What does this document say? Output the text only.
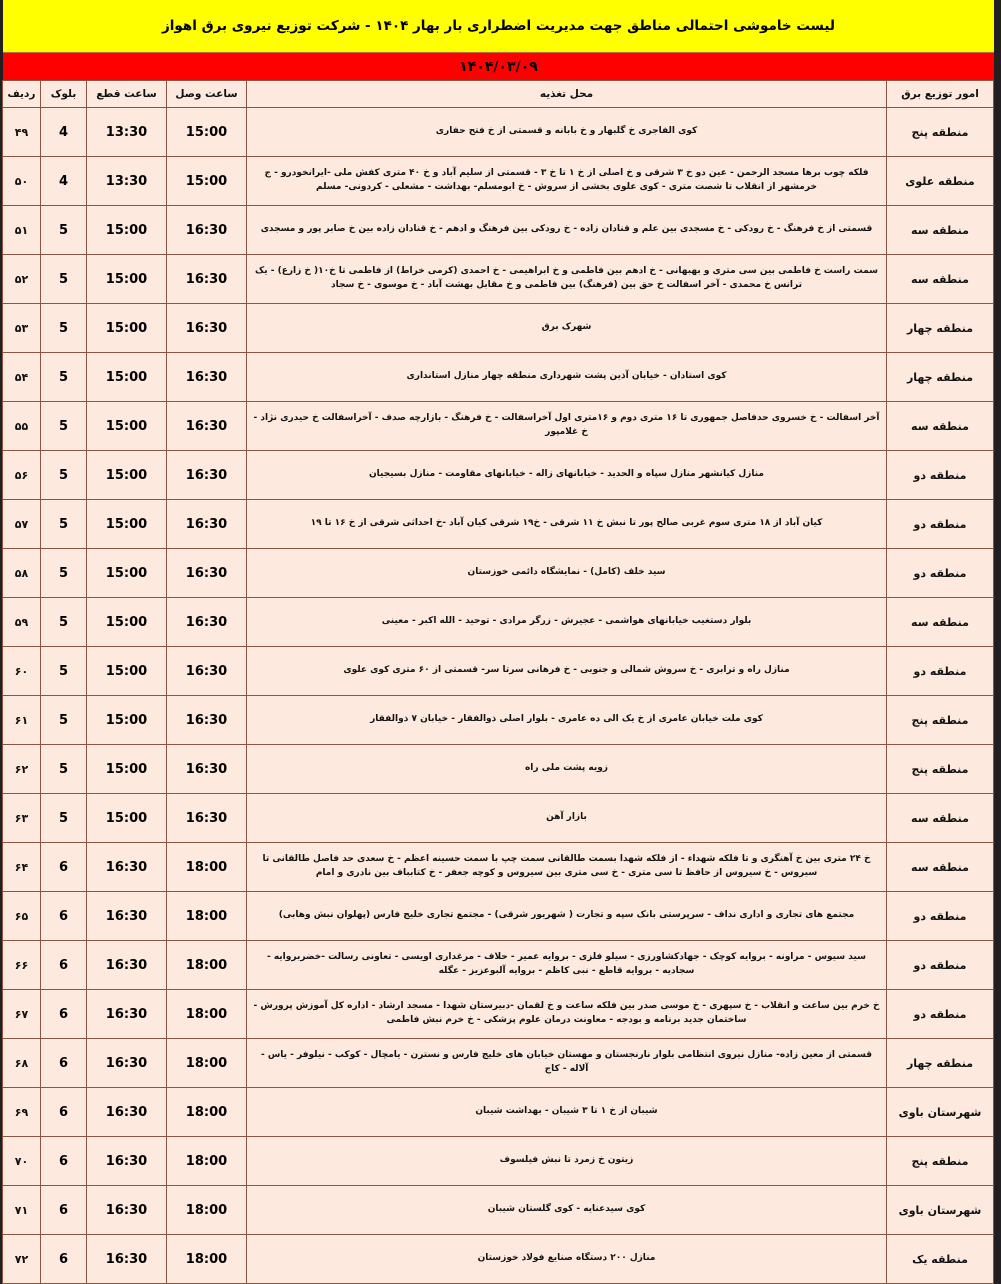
لیست خاموشی احتمالی مناطق جهت مدیریت اضطراری بار بهار ۱۴۰۴ - شرکت توزیع نیروی برق اهواز
۱۴۰۴/۰۳/۰۹
امور توزیع برق	محل تغذیه	ساعت وصل	ساعت قطع	بلوک	ردیف
منطقه پنج	کوی الفاجری خ گلبهار و خ بابانه و قسمتی از خ فتح حفاری	15:00	13:30	4	۴۹
منطقه علوی	فلکه چوب برها مسجد الرحمن - عین دو خ ۳ شرقی و خ اصلی از خ ۱ تا خ ۳ - قسمتی از سلیم آباد و خ ۴۰ متری کفش ملی -ایرانخودرو - ج خرمشهر از انقلاب تا شصت متری - کوی علوی بخشی از سروش - خ ابومسلم- بهداشت - مشعلی - کردونی- مسلم	15:00	13:30	4	۵۰
منطقه سه	قسمتی از خ فرهنگ - خ رودکی - خ مسجدی بین علم و قنادان زاده - خ رودکی بین فرهنگ و ادهم - خ قنادان زاده بین خ صابر پور و مسجدی	16:30	15:00	5	۵۱
منطقه سه	سمت راست خ فاطمی بین سی متری و بهبهانی - خ ادهم بین فاطمی و خ ابراهیمی - خ احمدی (کرمی خراط) از فاطمی تا خ۱۰( خ زارع) - یک ترانس خ محمدی - آخر اسفالت خ حق بین (فرهنگ) بین فاطمی و خ مقابل بهشت آباد - خ موسوی - خ سجاد	16:30	15:00	5	۵۲
منطقه چهار	شهرک برق	16:30	15:00	5	۵۳
منطقه چهار	کوی استادان - خیابان آذین پشت شهرداری منطقه چهار منازل استانداری	16:30	15:00	5	۵۴
منطقه سه	آخر اسفالت - خ خسروی حدفاصل جمهوری تا ۱۶ متری دوم و ۱۶متری اول آخراسفالت - خ فرهنگ - بازارچه صدف - آخراسفالت خ حیدری نژاد - خ غلامپور	16:30	15:00	5	۵۵
منطقه دو	منازل کیانشهر منازل سپاه و الحدید - خیابانهای زاله - خیابانهای مقاومت - منازل بسیجیان	16:30	15:00	5	۵۶
منطقه دو	کیان آباد از ۱۸ متری سوم غربی صالح پور تا نبش خ ۱۱ شرقی - خ۱۹ شرقی کیان آباد -خ احداثی شرقی از خ ۱۶ تا ۱۹	16:30	15:00	5	۵۷
منطقه دو	سید خلف (کامل) - نمایشگاه دائمی خوزستان	16:30	15:00	5	۵۸
منطقه سه	بلوار دستغیب خیابانهای هواشمی - عجیرش - زرگر مرادی - توحید - الله اکبر - معینی	16:30	15:00	5	۵۹
منطقه دو	منازل راه و ترابری - خ سروش شمالی و جنوبی - خ فرهانی سرتا سر- قسمتی از ۶۰ متری کوی علوی	16:30	15:00	5	۶۰
منطقه پنج	کوی ملت خیابان عامری از خ یک الی ده عامری - بلوار اصلی ذوالفقار - خیابان ۷ ذوالفقار	16:30	15:00	5	۶۱
منطقه پنج	زویه پشت ملی راه	16:30	15:00	5	۶۲
منطقه سه	بازار آهن	16:30	15:00	5	۶۳
منطقه سه	خ ۲۴ متری بین خ آهنگری و تا فلکه شهداء - از فلکه شهدا بسمت طالقانی سمت چپ با سمت حسینه اعظم - خ سعدی حد فاصل طالقانی تا سیروس - خ سیروس از حافظ تا سی متری - خ سی متری بین سیروس و کوچه جعفر - خ کتابباف بین نادری و امام	18:00	16:30	6	۶۴
منطقه دو	مجتمع های تجاری و اداری نداف - سرپرستی بانک سپه و تجارت ( شهریور شرقی) - مجتمع تجاری خلیج فارس (پهلوان نبش وهابی)	18:00	16:30	6	۶۵
منطقه دو	سید سیوس - مراونه - بروایه کوچک - جهادکشاورزی - سیلو فلزی - بروایه عمیر - حلاف - مرغداری اویسی - تعاونی رسالت -خضربروایه - سجادیه - بروایه قاطع - نبی کاظم - بروایه آلبوعزیز - عگله	18:00	16:30	6	۶۶
منطقه دو	خ خرم بین ساعت و انقلاب - خ سپهری - خ موسی صدر بین فلکه ساعت و خ لقمان -دبیرستان شهدا - مسجد ارشاد - اداره کل آموزش پرورش - ساختمان جدید برنامه و بودجه - معاونت درمان علوم پزشکی - خ خرم نبش فاطمی	18:00	16:30	6	۶۷
منطقه چهار	قسمتی از معین زاده- منازل نیروی انتظامی بلوار نارنجستان و مهستان خیابان های خلیج فارس و نسترن - یامچال - کوکب - نیلوفر - یاس - آلاله - کاج	18:00	16:30	6	۶۸
شهرستان باوی	شیبان از خ ۱ تا ۳ شیبان - بهداشت شیبان	18:00	16:30	6	۶۹
منطقه پنج	زیتون خ زمرد تا نبش فیلسوف	18:00	16:30	6	۷۰
شهرستان باوی	کوی سیدعنایه - کوی گلستان شیبان	18:00	16:30	6	۷۱
منطقه یک	منازل ۲۰۰ دستگاه صنایع فولاد خوزستان	18:00	16:30	6	۷۲
